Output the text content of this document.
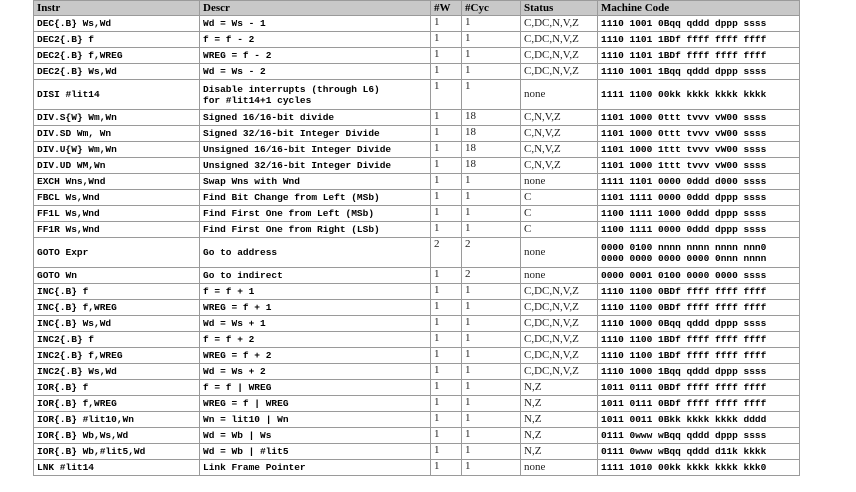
Instr	Descr	#W	#Cyc	Status	Machine Code
DEC{.B} Ws,Wd	Wd = Ws - 1	1	1	C,DC,N,V,Z	1110 1001 0Bqq qddd dppp ssss

DEC2{.B} f	f = f - 2	1	1	C,DC,N,V,Z	1110 1101 1BDf ffff ffff ffff

DEC2{.B} f,WREG	WREG = f - 2	1	1	C,DC,N,V,Z	1110 1101 1BDf ffff ffff ffff

DEC2{.B} Ws,Wd	Wd = Ws - 2	1	1	C,DC,N,V,Z	1110 1001 1Bqq qddd dppp ssss

DISI #lit14	Disable interrupts (through L6)
for #lit14+1 cycles	1	1	none	1111 1100 00kk kkkk kkkk kkkk

DIV.S{W} Wm,Wn	Signed 16/16-bit divide	1	18	C,N,V,Z	1101 1000 0ttt tvvv vW00 ssss

DIV.SD Wm, Wn	Signed 32/16-bit Integer Divide	1	18	C,N,V,Z	1101 1000 0ttt tvvv vW00 ssss

DIV.U{W} Wm,Wn	Unsigned 16/16-bit Integer Divide	1	18	C,N,V,Z	1101 1000 1ttt tvvv vW00 ssss

DIV.UD WM,Wn	Unsigned 32/16-bit Integer Divide	1	18	C,N,V,Z	1101 1000 1ttt tvvv vW00 ssss

EXCH Wns,Wnd	Swap Wns with Wnd	1	1	none	1111 1101 0000 0ddd d000 ssss

FBCL Ws,Wnd	Find Bit Change from Left (MSb)	1	1	C	1101 1111 0000 0ddd dppp ssss

FF1L Ws,Wnd	Find First One from Left (MSb)	1	1	C	1100 1111 1000 0ddd dppp ssss

FF1R Ws,Wnd	Find First One from Right (LSb)	1	1	C	1100 1111 0000 0ddd dppp ssss

GOTO Expr	Go to address	2	2	none	0000 0100 nnnn nnnn nnnn nnn0
0000 0000 0000 0000 0nnn nnnn

GOTO Wn	Go to indirect	1	2	none	0000 0001 0100 0000 0000 ssss

INC{.B} f	f = f + 1	1	1	C,DC,N,V,Z	1110 1100 0BDf ffff ffff ffff

INC{.B} f,WREG	WREG = f + 1	1	1	C,DC,N,V,Z	1110 1100 0BDf ffff ffff ffff

INC{.B} Ws,Wd	Wd = Ws + 1	1	1	C,DC,N,V,Z	1110 1000 0Bqq qddd dppp ssss

INC2{.B} f	f = f + 2	1	1	C,DC,N,V,Z	1110 1100 1BDf ffff ffff ffff

INC2{.B} f,WREG	WREG = f + 2	1	1	C,DC,N,V,Z	1110 1100 1BDf ffff ffff ffff

INC2{.B} Ws,Wd	Wd = Ws + 2	1	1	C,DC,N,V,Z	1110 1000 1Bqq qddd dppp ssss

IOR{.B} f	f = f | WREG	1	1	N,Z	1011 0111 0BDf ffff ffff ffff

IOR{.B} f,WREG	WREG = f | WREG	1	1	N,Z	1011 0111 0BDf ffff ffff ffff

IOR{.B} #lit10,Wn	Wn = lit10 | Wn	1	1	N,Z	1011 0011 0Bkk kkkk kkkk dddd

IOR{.B} Wb,Ws,Wd	Wd = Wb | Ws	1	1	N,Z	0111 0www wBqq qddd dppp ssss

IOR{.B} Wb,#lit5,Wd	Wd = Wb | #lit5	1	1	N,Z	0111 0www wBqq qddd d11k kkkk

LNK #lit14	Link Frame Pointer	1	1	none	1111 1010 00kk kkkk kkkk kkk0
